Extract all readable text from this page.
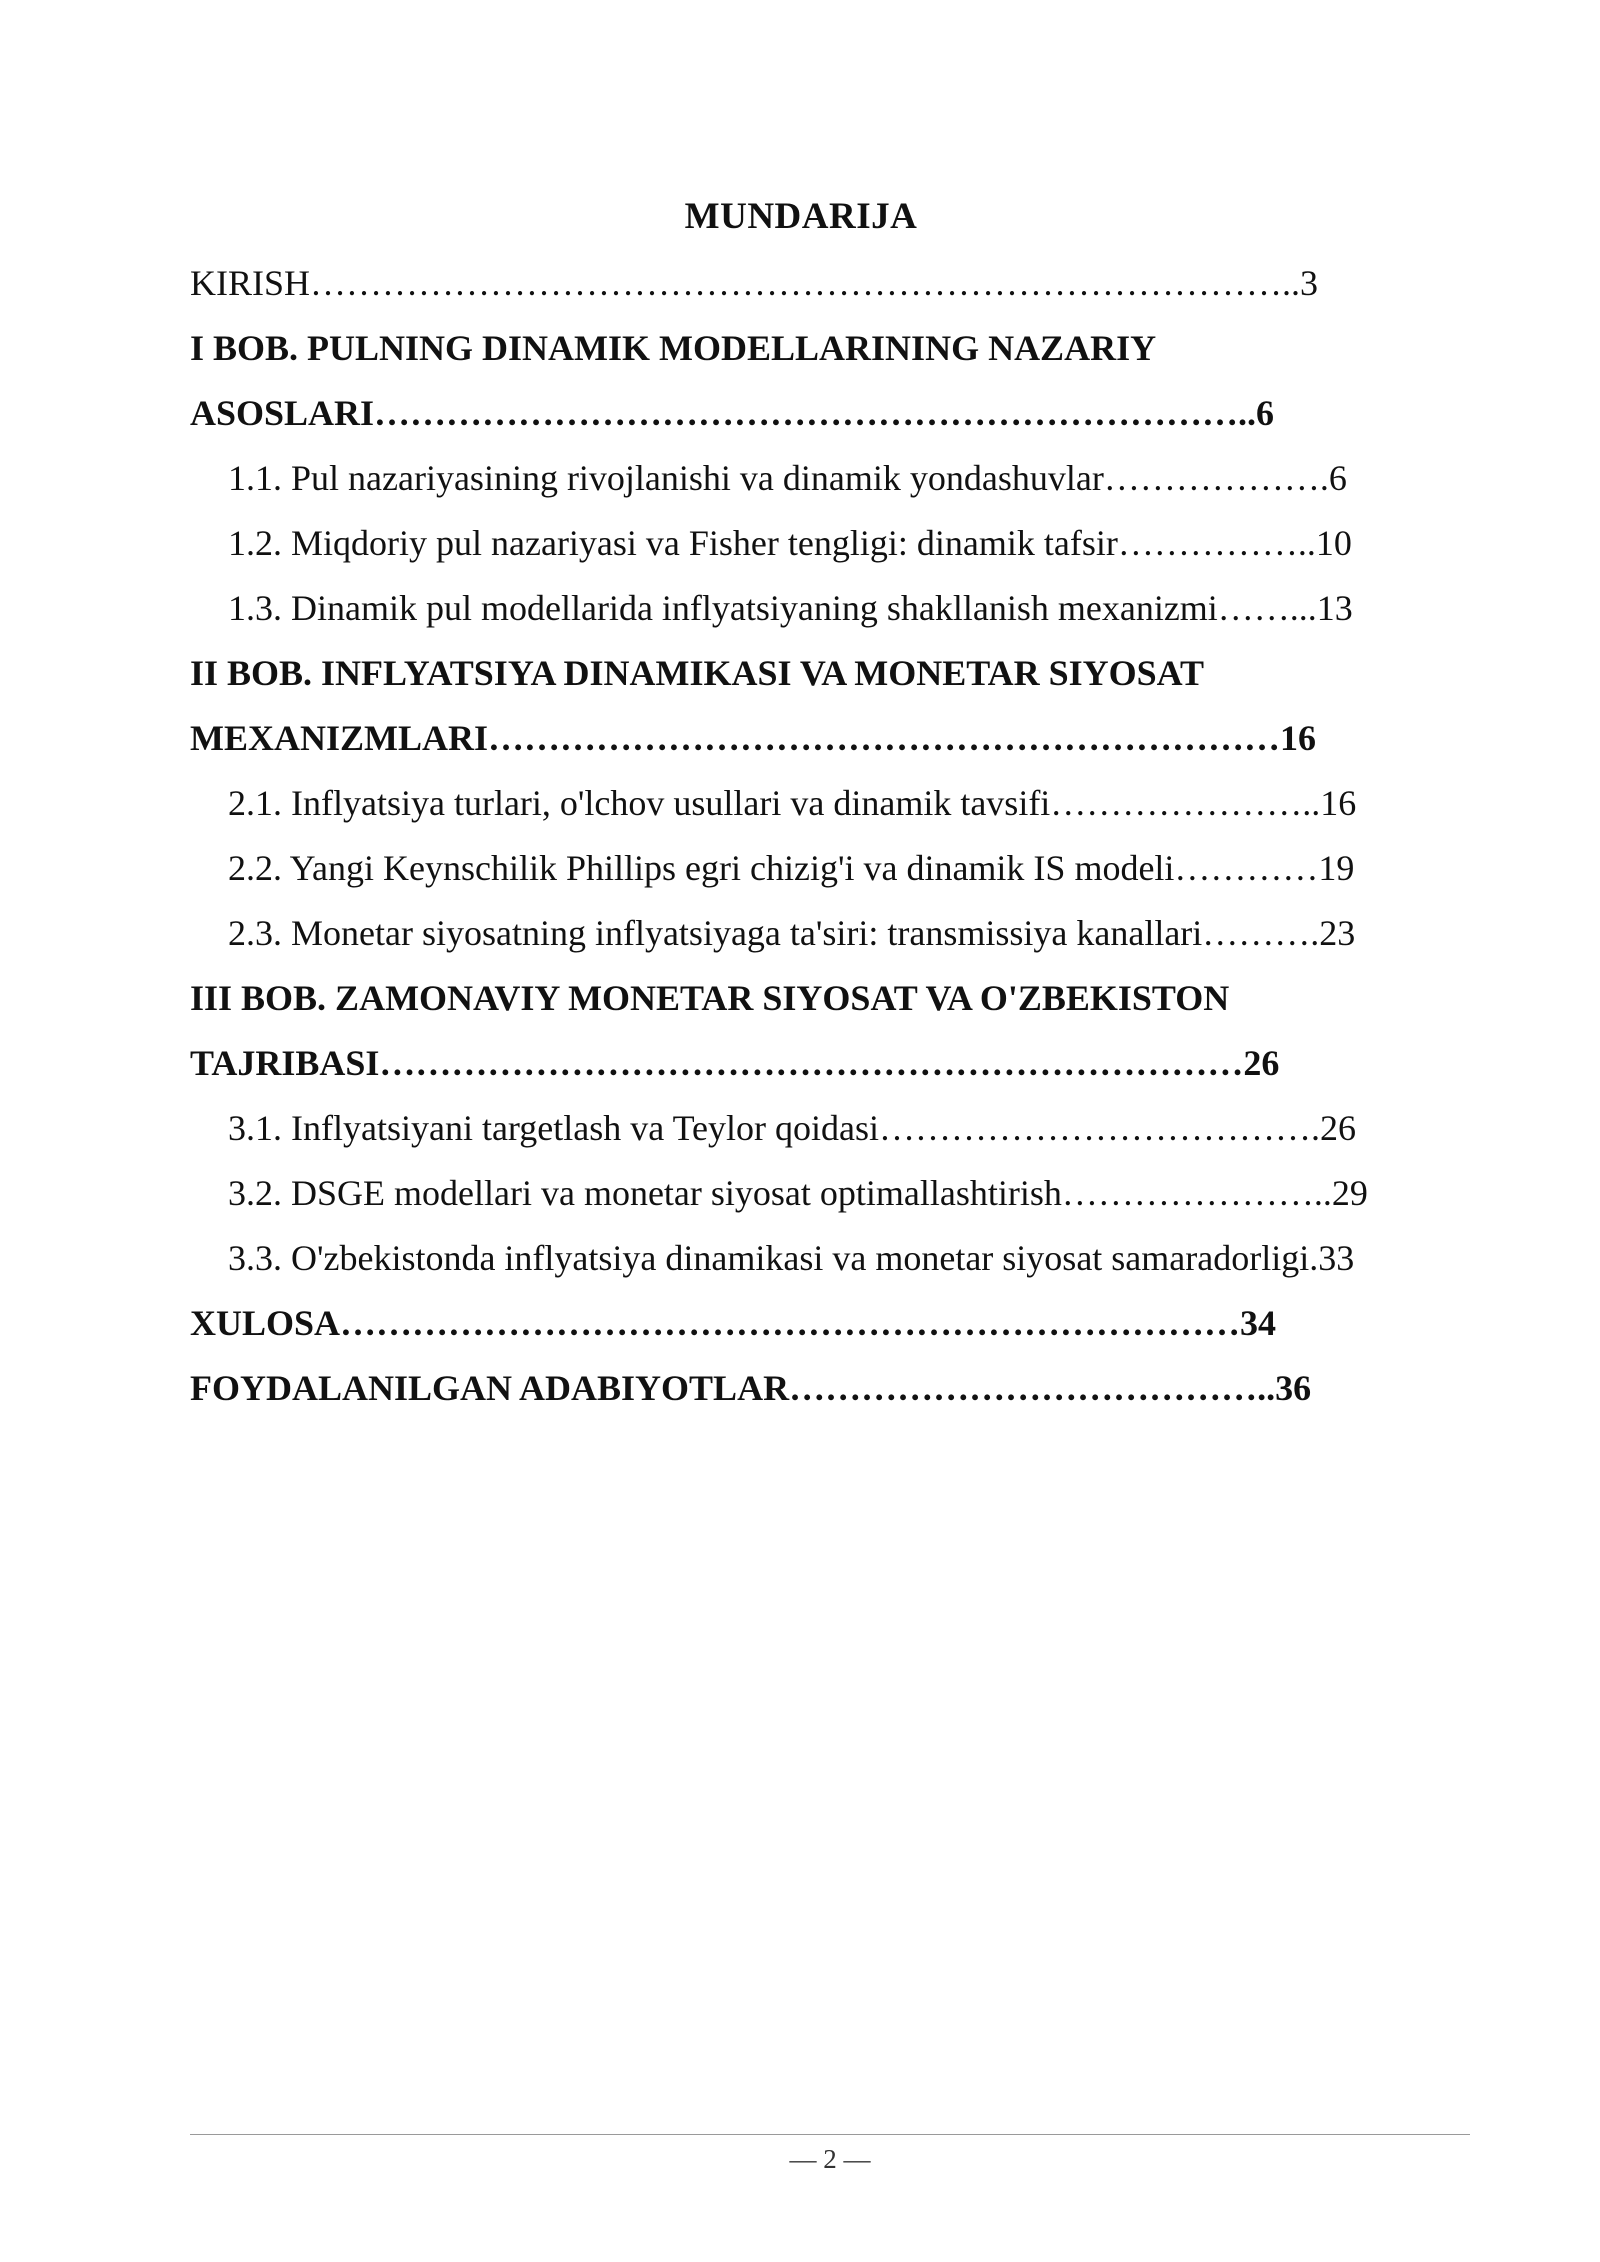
MUNDARIJA
KIRISH………………………………………………………………………..3
I BOB. PULNING DINAMIK MODELLARINING NAZARIY
ASOSLARI………………………………………………………………..6
1.1. Pul nazariyasining rivojlanishi va dinamik yondashuvlar……………….6
1.2. Miqdoriy pul nazariyasi va Fisher tengligi: dinamik tafsir……………..10
1.3. Dinamik pul modellarida inflyatsiyaning shakllanish mexanizmi……...13
II BOB. INFLYATSIYA DINAMIKASI VA MONETAR SIYOSAT
MEXANIZMLARI…………………………………………………………16
2.1. Inflyatsiya turlari, o'lchov usullari va dinamik tavsifi…………………..16
2.2. Yangi Keynschilik Phillips egri chizig'i va dinamik IS modeli…………19
2.3. Monetar siyosatning inflyatsiyaga ta'siri: transmissiya kanallari……….23
III BOB. ZAMONAVIY MONETAR SIYOSAT VA O'ZBEKISTON
TAJRIBASI………………………………………………………………26
3.1. Inflyatsiyani targetlash va Teylor qoidasi……………………………….26
3.2. DSGE modellari va monetar siyosat optimallashtirish…………………..29
3.3. O'zbekistonda inflyatsiya dinamikasi va monetar siyosat samaradorligi.33
XULOSA…………………………………………………………………34
FOYDALANILGAN ADABIYOTLAR…………………………………..36
— 2 —
